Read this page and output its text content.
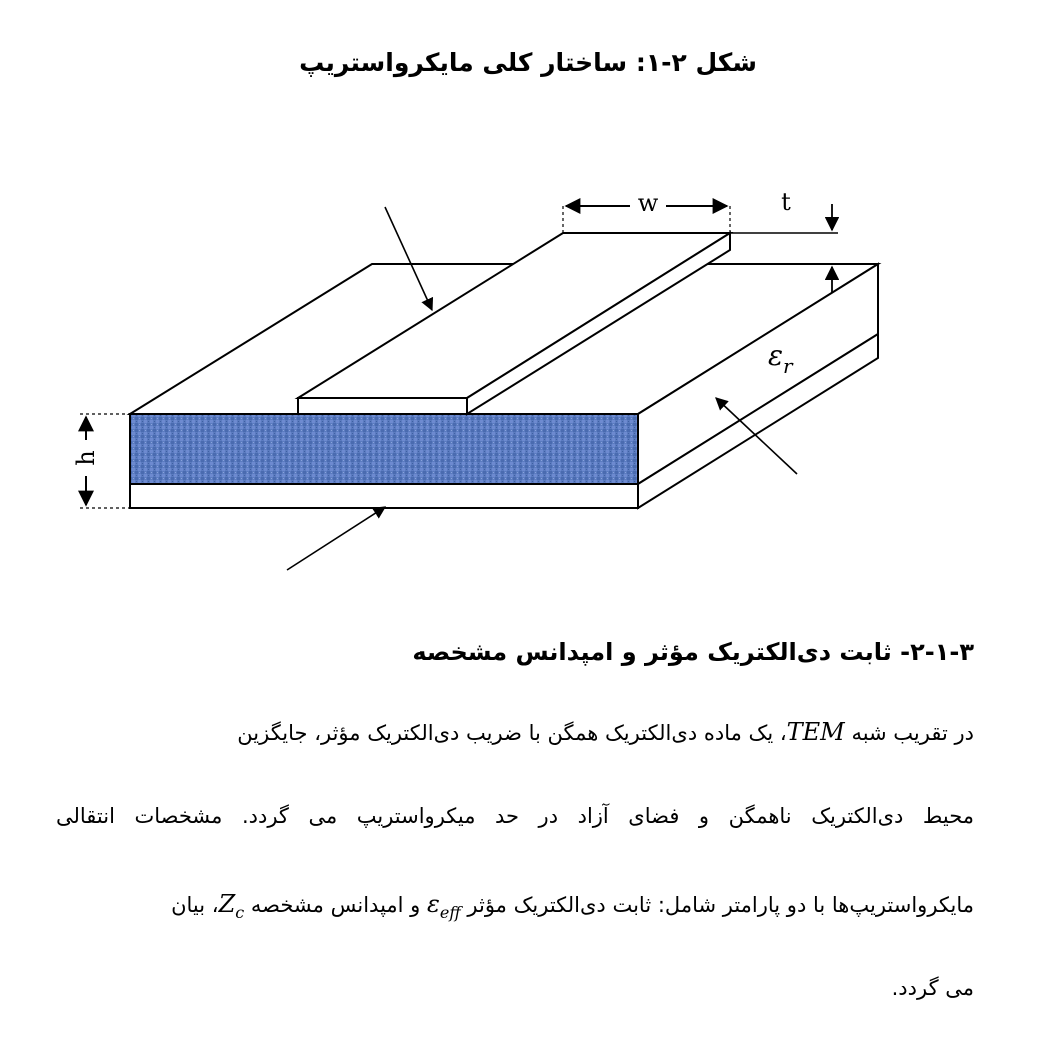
شکل ۲-۱: ساختار کلی مایکرواستریپ
w	t
h
$\varepsilon_r$
۲-۱-۳- ثابت دی‌الکتریک مؤثر و امپدانس مشخصه
در تقریب شبه TEM، یک ماده دی‌الکتریک همگن با ضریب دی‌الکتریک مؤثر، جایگزین
محیط دی‌الکتریک ناهمگن و فضای آزاد در حد میکرواستریپ می گردد. مشخصات انتقالی
مایکرواستریپ‌ها با دو پارامتر شامل: ثابت دی‌الکتریک مؤثر $\varepsilon_{eff}$ و امپدانس مشخصه $Z_c،$ بیان
می گردد.
